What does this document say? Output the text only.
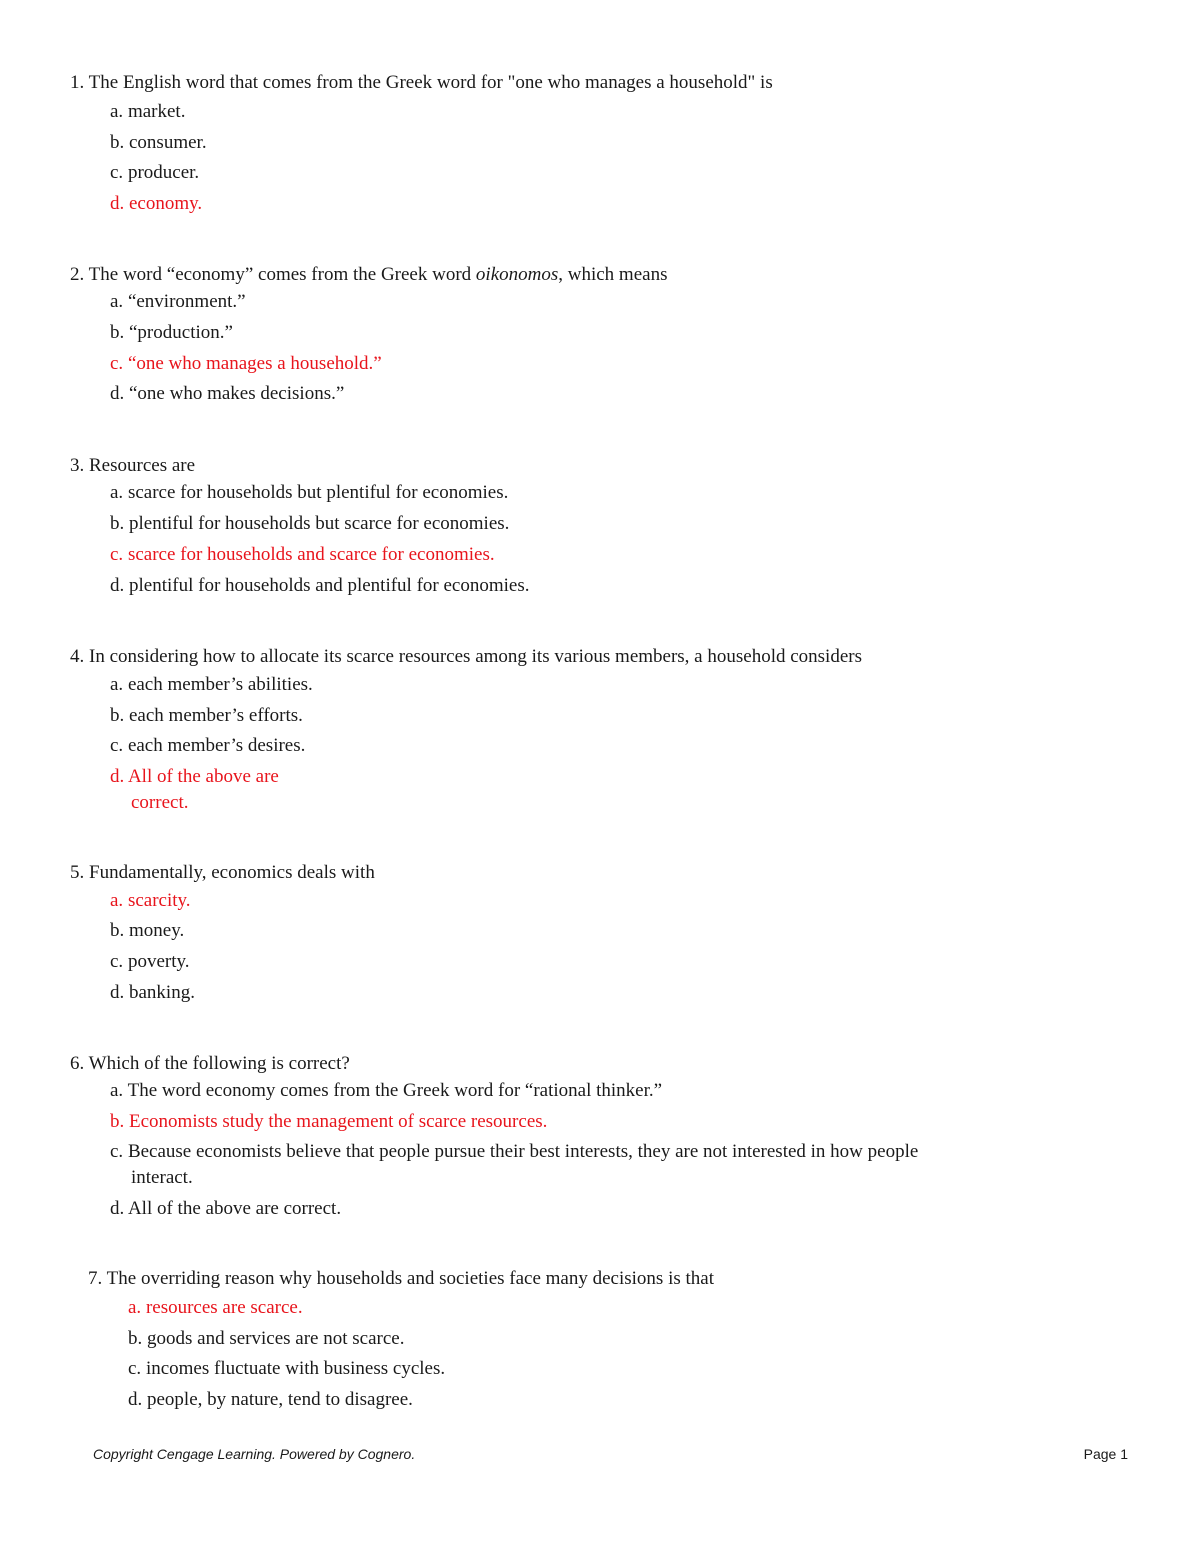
1. The English word that comes from the Greek word for "one who manages a household" is
a. market.
b. consumer.
c. producer.
d. economy.
2. The word “economy” comes from the Greek word oikonomos, which means
a. “environment.”
b. “production.”
c. “one who manages a household.”
d. “one who makes decisions.”
3. Resources are
a. scarce for households but plentiful for economies.
b. plentiful for households but scarce for economies.
c. scarce for households and scarce for economies.
d. plentiful for households and plentiful for economies.
4. In considering how to allocate its scarce resources among its various members, a household considers
a. each member’s abilities.
b. each member’s efforts.
c. each member’s desires.
d. All of the above are
correct.
5. Fundamentally, economics deals with
a. scarcity.
b. money.
c. poverty.
d. banking.
6. Which of the following is correct?
a. The word economy comes from the Greek word for “rational thinker.”
b. Economists study the management of scarce resources.
c. Because economists believe that people pursue their best interests, they are not interested in how people
interact.
d. All of the above are correct.
7. The overriding reason why households and societies face many decisions is that
a. resources are scarce.
b. goods and services are not scarce.
c. incomes fluctuate with business cycles.
d. people, by nature, tend to disagree.
Copyright Cengage Learning. Powered by Cognero.	Page 1
